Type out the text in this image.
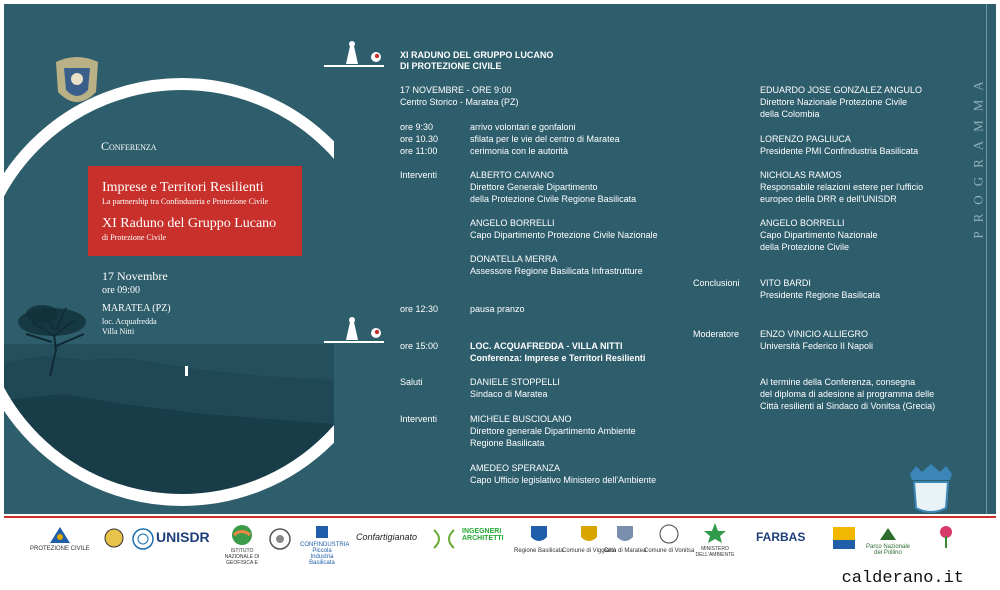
Conferenza
Imprese e Territori Resilienti
La partnership tra Confindustria e Protezione Civile
XI Raduno del Gruppo Lucano
di Protezione Civile
17 Novembre
ore 09:00
MARATEA (PZ)
loc. Acquafredda
Villa Nitti
XI RADUNO DEL GRUPPO LUCANO
DI PROTEZIONE CIVILE
17 NOVEMBRE - ORE 9:00
Centro Storico - Maratea (PZ)
ore 9:30	arrivo volontari e gonfaloni
ore 10.30	sfilata per le vie del centro di Maratea
ore 11:00	cerimonia con le autorità
Interventi	ALBERTO CAIVANO
Direttore Generale Dipartimento
della Protezione Civile Regione Basilicata
ANGELO BORRELLI
Capo Dipartimento Protezione Civile Nazionale
DONATELLA MERRA
Assessore Regione Basilicata Infrastrutture
ore 12:30	pausa pranzo
ore 15:00	LOC. ACQUAFREDDA - VILLA NITTI
Conferenza: Imprese e Territori Resilienti
Saluti	DANIELE STOPPELLI
Sindaco di Maratea
Interventi	MICHELE BUSCIOLANO
Direttore generale Dipartimento Ambiente
Regione Basilicata
AMEDEO SPERANZA
Capo Ufficio legislativo Ministero dell'Ambiente
EDUARDO JOSE GONZALEZ ANGULO
Direttore Nazionale Protezione Civile
della Colombia
LORENZO PAGLIUCA
Presidente PMI Confindustria Basilicata
NICHOLAS RAMOS
Responsabile relazioni estere per l'ufficio
europeo della DRR e dell'UNISDR
ANGELO BORRELLI
Capo Dipartimento Nazionale
della Protezione Civile
Conclusioni VITO BARDI
Presidente Regione Basilicata
Moderatore ENZO VINICIO ALLIEGRO
Università Federico II Napoli
Al termine della Conferenza, consegna
del diploma di adesione al programma delle
Città resilienti al Sindaco di Vonitsa (Grecia)
PROGRAMMA
PROTEZIONE CIVILE
UNISDR
ISTITUTO NAZIONALE DI GEOFISICA E
CONFINDUSTRIA Piccola Industria Basilicata
Confartigianato
INGEGNERI ARCHITETTI
Regione Basilicata
Comune di Viggiano
Città di Maratea
Comune di Vonitsa	MINISTERO DELL'AMBIENTE
FARBAS
Parco Nazionale del Pollino
calderano.it
